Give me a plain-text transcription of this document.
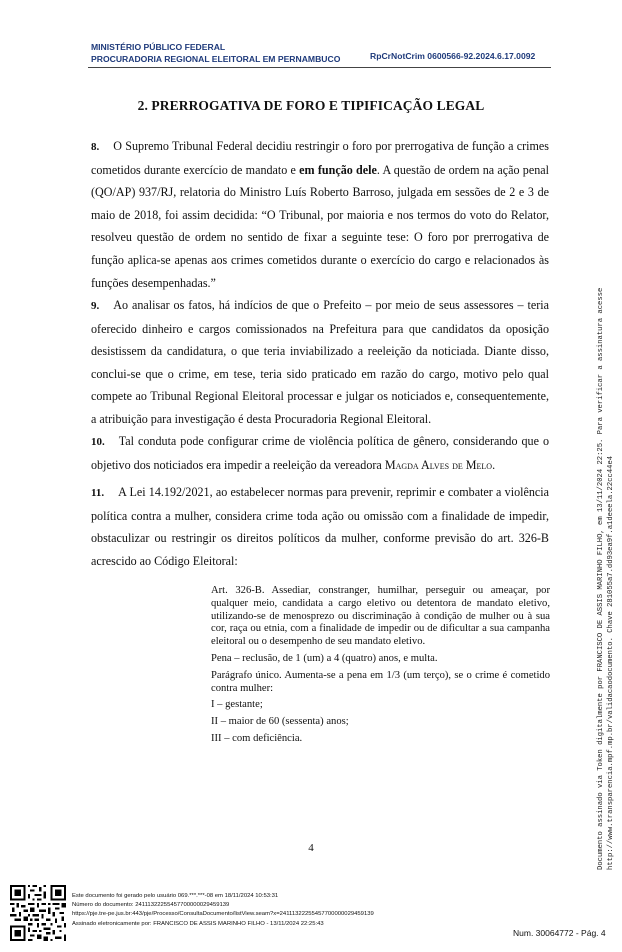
MINISTÉRIO PÚBLICO FEDERAL
PROCURADORIA REGIONAL ELEITORAL EM PERNAMBUCO	RpCrNotCrim 0600566-92.2024.6.17.0092
2. PRERROGATIVA DE FORO E TIPIFICAÇÃO LEGAL
8. O Supremo Tribunal Federal decidiu restringir o foro por prerrogativa de função a crimes cometidos durante exercício de mandato e em função dele. A questão de ordem na ação penal (QO/AP) 937/RJ, relatoria do Ministro Luís Roberto Barroso, julgada em sessões de 2 e 3 de maio de 2018, foi assim decidida: “O Tribunal, por maioria e nos termos do voto do Relator, resolveu questão de ordem no sentido de fixar a seguinte tese: O foro por prerrogativa de função aplica-se apenas aos crimes cometidos durante o exercício do cargo e relacionados às funções desempenhadas.”
9. Ao analisar os fatos, há indícios de que o Prefeito – por meio de seus assessores – teria oferecido dinheiro e cargos comissionados na Prefeitura para que candidatos da oposição desistissem da candidatura, o que teria inviabilizado a reeleição da noticiada. Diante disso, conclui-se que o crime, em tese, teria sido praticado em razão do cargo, motivo pelo qual compete ao Tribunal Regional Eleitoral processar e julgar os noticiados e, consequentemente, a atribuição para investigação é desta Procuradoria Regional Eleitoral.
10. Tal conduta pode configurar crime de violência política de gênero, considerando que o objetivo dos noticiados era impedir a reeleição da vereadora Magda Alves de Melo.
11. A Lei 14.192/2021, ao estabelecer normas para prevenir, reprimir e combater a violência política contra a mulher, considera crime toda ação ou omissão com a finalidade de impedir, obstaculizar ou restringir os direitos políticos da mulher, conforme previsão do art. 326-B acrescido ao Código Eleitoral:
Art. 326-B. Assediar, constranger, humilhar, perseguir ou ameaçar, por qualquer meio, candidata a cargo eletivo ou detentora de mandato eletivo, utilizando-se de menosprezo ou discriminação à condição de mulher ou à sua cor, raça ou etnia, com a finalidade de impedir ou de dificultar a sua campanha eleitoral ou o desempenho de seu mandato eletivo.
Pena – reclusão, de 1 (um) a 4 (quatro) anos, e multa.
Parágrafo único. Aumenta-se a pena em 1/3 (um terço), se o crime é cometido contra mulher:
I – gestante;
II – maior de 60 (sessenta) anos;
III – com deficiência.
4	Documento assinado via Token digitalmente por FRANCISCO DE ASSIS MARINHO FILHO, em 13/11/2024 22:25. Para verificar a assinatura acesse http://www.transparencia.mpf.mp.br/validacaodocumento. Chave 281055a7.dd93ea9f.a1deeela.22cc44e4
Este documento foi gerado pelo usuário 069.***.***-08 em 18/11/2024 10:53:31
Número do documento: 24111322255457700000029459139
https://pje.tre-pe.jus.br:443/pje/Processo/ConsultaDocumento/listView.seam?x=24111322255457700000029459139
Assinado eletronicamente por: FRANCISCO DE ASSIS MARINHO FILHO - 13/11/2024 22:25:43
Num. 30064772 - Pág. 4
